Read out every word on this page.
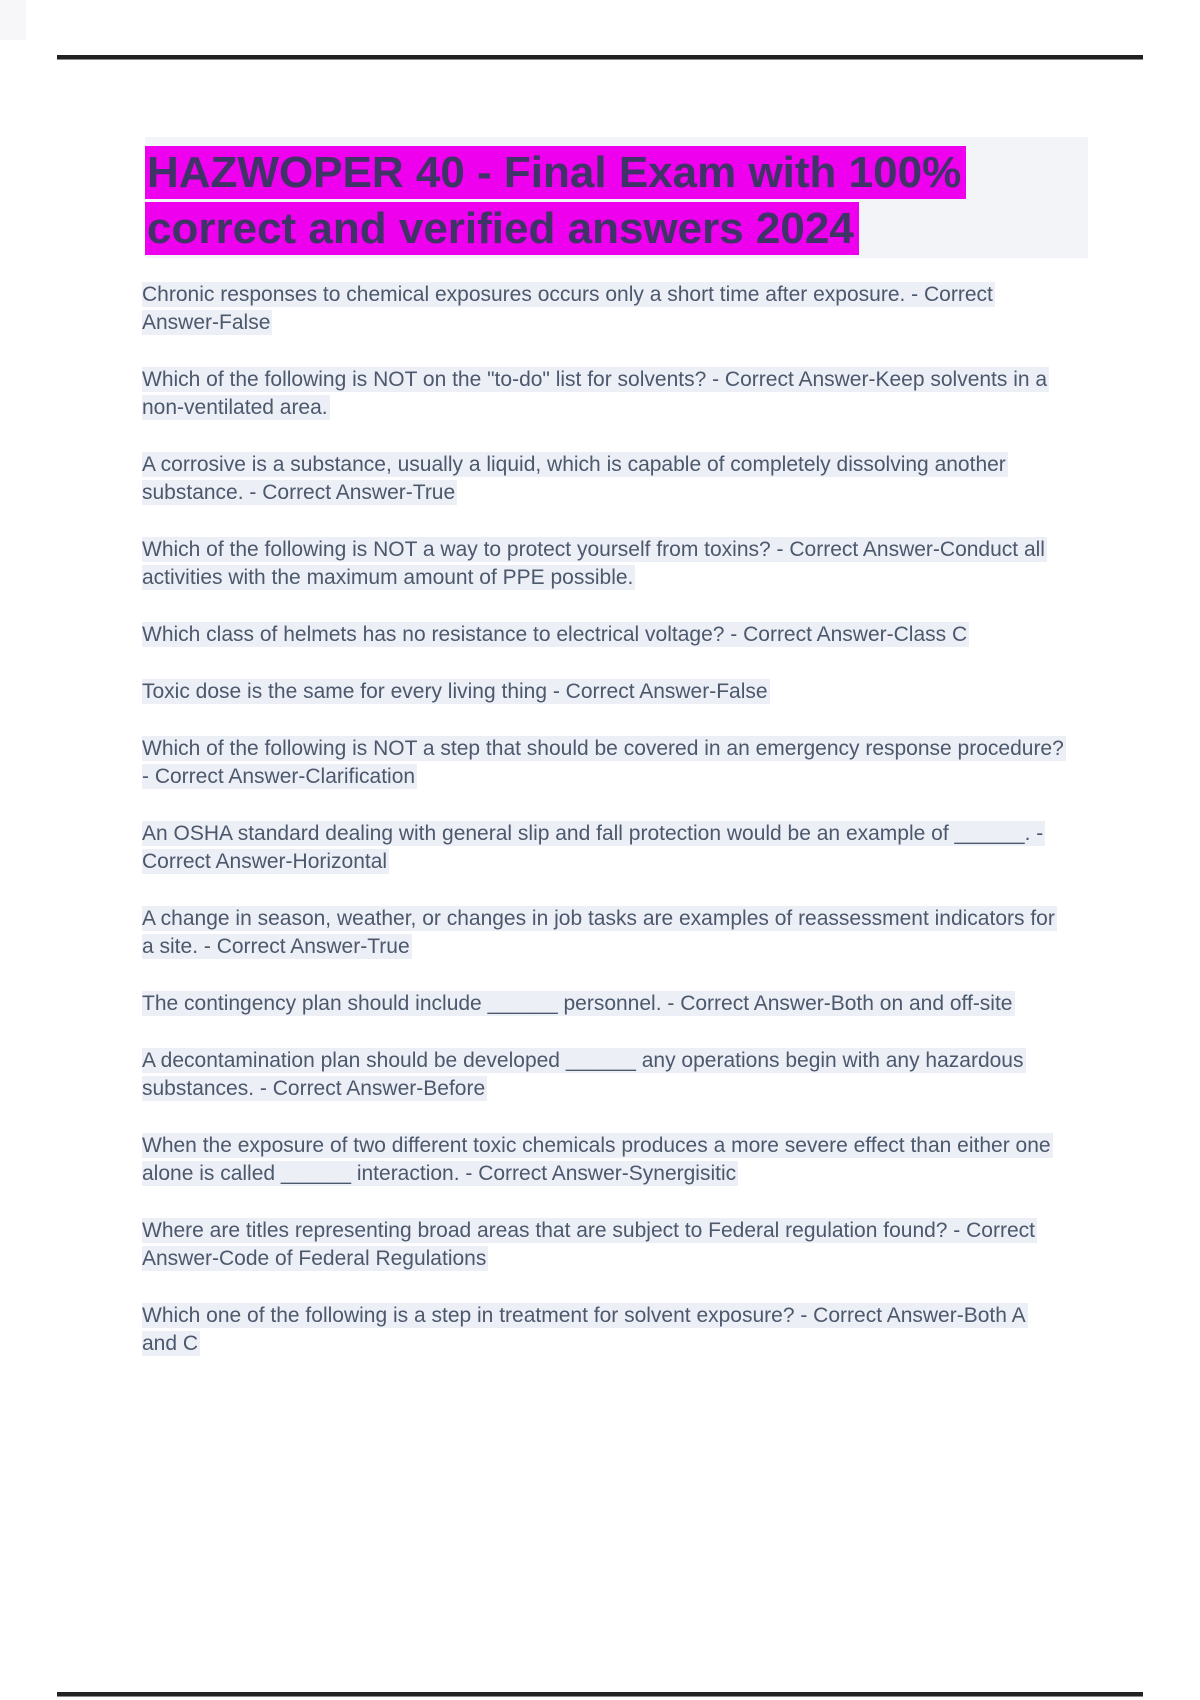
HAZWOPER 40 - Final Exam with 100% correct and verified answers 2024

Chronic responses to chemical exposures occurs only a short time after exposure. - Correct Answer-False

Which of the following is NOT on the "to-do" list for solvents? - Correct Answer-Keep solvents in a non-ventilated area.

A corrosive is a substance, usually a liquid, which is capable of completely dissolving another substance. - Correct Answer-True

Which of the following is NOT a way to protect yourself from toxins? - Correct Answer-Conduct all activities with the maximum amount of PPE possible.

Which class of helmets has no resistance to electrical voltage? - Correct Answer-Class C

Toxic dose is the same for every living thing - Correct Answer-False

Which of the following is NOT a step that should be covered in an emergency response procedure? - Correct Answer-Clarification

An OSHA standard dealing with general slip and fall protection would be an example of ______. - Correct Answer-Horizontal

A change in season, weather, or changes in job tasks are examples of reassessment indicators for a site. - Correct Answer-True

The contingency plan should include ______ personnel. - Correct Answer-Both on and off-site

A decontamination plan should be developed ______ any operations begin with any hazardous substances. - Correct Answer-Before

When the exposure of two different toxic chemicals produces a more severe effect than either one alone is called ______ interaction. - Correct Answer-Synergisitic

Where are titles representing broad areas that are subject to Federal regulation found? - Correct Answer-Code of Federal Regulations

Which one of the following is a step in treatment for solvent exposure? - Correct Answer-Both A and C
